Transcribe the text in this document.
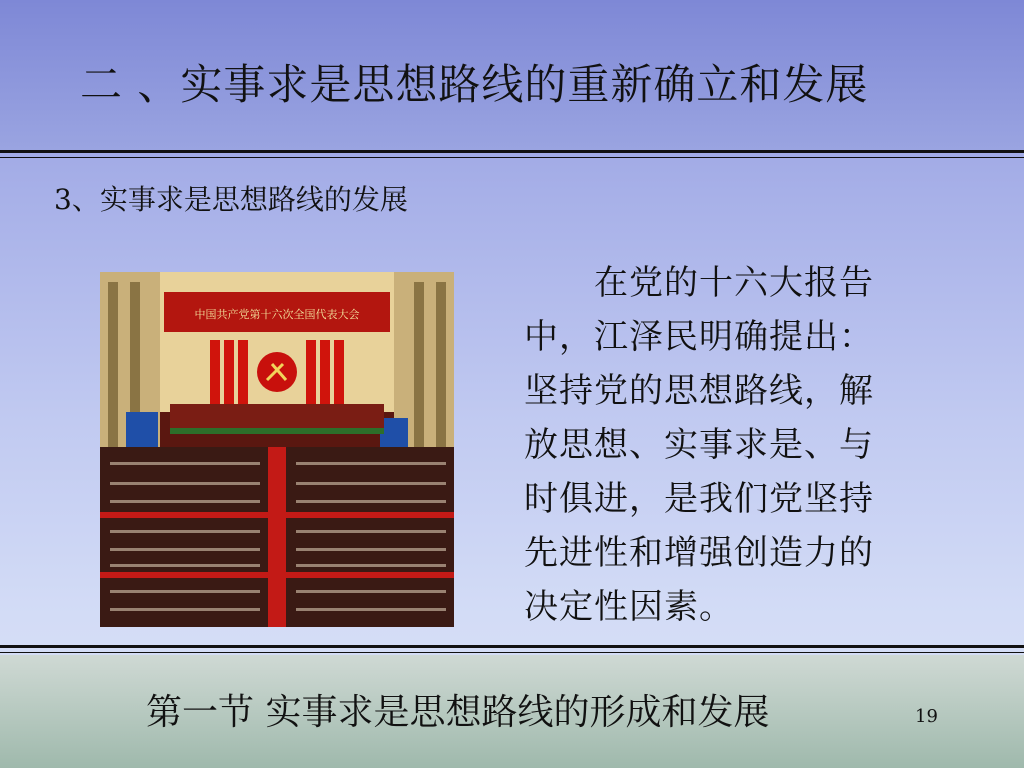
二 、实事求是思想路线的重新确立和发展
3、实事求是思想路线的发展
中国共产党第十六次全国代表大会
　　在党的十六大报告
中，江泽民明确提出：
坚持党的思想路线，解
放思想、实事求是、与
时俱进，是我们党坚持
先进性和增强创造力的
决定性因素。
第一节 实事求是思想路线的形成和发展	19
